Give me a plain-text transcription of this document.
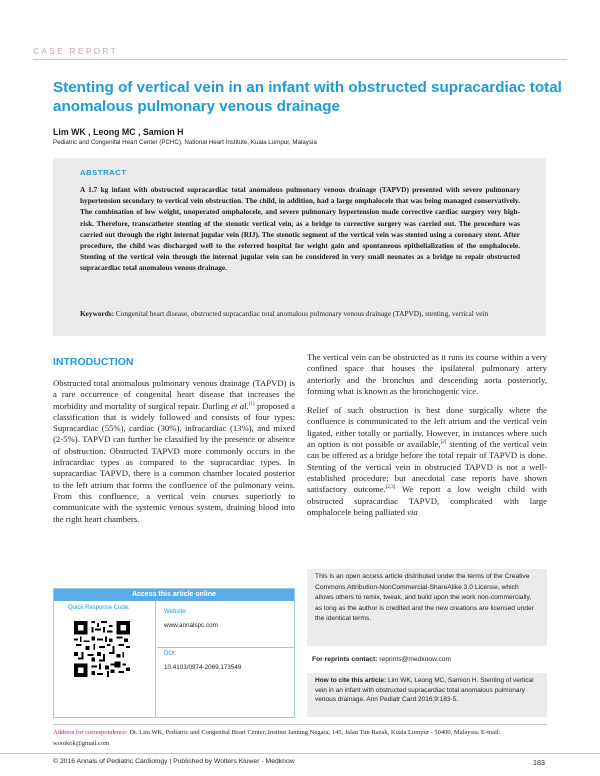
CASE REPORT
Stenting of vertical vein in an infant with obstructed supracardiac total anomalous pulmonary venous drainage
Lim WK , Leong MC , Samion H
Pediatric and Congenital Heart Center (PCHC), National Heart Institute, Kuala Lumpur, Malaysia
ABSTRACT
A 1.7 kg infant with obstructed supracardiac total anomalous pulmonary venous drainage (TAPVD) presented with severe pulmonary hypertension secondary to vertical vein obstruction. The child, in addition, had a large omphalocele that was being managed conservatively. The combination of low weight, unoperated omphalocele, and severe pulmonary hypertension made corrective cardiac surgery very high-risk. Therefore, transcatheter stenting of the stenotic vertical vein, as a bridge to corrective surgery was carried out. The procedure was carried out through the right internal jugular vein (RIJ). The stenotic segment of the vertical vein was stented using a coronary stent. After procedure, the child was discharged well to the referred hospital for weight gain and spontaneous epithelialization of the omphalocele. Stenting of the vertical vein through the internal jugular vein can be considered in very small neonates as a bridge to repair obstructed supracardiac total anomalous venous drainage.
Keywords: Congenital heart disease, obstructed supracardiac total anomalous pulmonary venous drainage (TAPVD), stenting, vertical vein
INTRODUCTION

Obstructed total anomalous pulmonary venous drainage (TAPVD) is a rare occurrence of congenital heart disease that increases the morbidity and mortality of surgical repair. Darling et al.[1] proposed a classification that is widely followed and consists of four types: Supracardiac (55%), cardiac (30%), infracardiac (13%), and mixed (2-5%). TAPVD can further be classified by the presence or absence of obstruction. Obstructed TAPVD more commonly occurs in the infracardiac types as compared to the supracardiac types. In supracardiac TAPVD, there is a common chamber located posterior to the left atrium that forms the confluence of the pulmonary veins. From this confluence, a vertical vein courses superiorly to communicate with the systemic venous system, draining blood into the right heart chambers.

The vertical vein can be obstructed as it runs its course within a very confined space that houses the ipsilateral pulmonary artery anteriorly and the bronchus and descending aorta posteriorly, forming what is known as the bronchogenic vice.

Relief of such obstruction is best done surgically where the confluence is communicated to the left atrium and the vertical vein ligated, either totally or partially. However, in instances where such an option is not possible or available,[2] stenting of the vertical vein can be offered as a bridge before the total repair of TAPVD is done. Stenting of the vertical vein in obstructed TAPVD is not a well-established procedure; but anecdotal case reports have shown satisfactory outcome.[2,3] We report a low weight child with obstructed supracardiac TAPVD, complicated with large omphalocele being palliated via

Access this article online
Quick Response Code:
Website:
www.annalspc.com
DOI:
10.4103/0974-2069.173549
This is an open access article distributed under the terms of the Creative Commons Attribution-NonCommercial-ShareAlike 3.0 License, which allows others to remix, tweak, and build upon the work non-commercially, as long as the author is credited and the new creations are licensed under the identical terms.
For reprints contact: reprints@medknow.com
How to cite this article: Lim WK, Leong MC, Samion H. Stenting of vertical vein in an infant with obstructed supracardiac total anomalous pulmonary venous drainage. Ann Pediatr Card 2016;9:183-5.
Address for correspondence: Dr. Lim WK, Pediatric and Congenital Heart Center, Institut Jantung Negara, 145, Jalan Tun Razak, Kuala Lumpur - 50400, Malaysia. E-mail: wooikok@gmail.com
© 2016 Annals of Pediatric Cardiology | Published by Wolters Kluwer - Medknow	183
